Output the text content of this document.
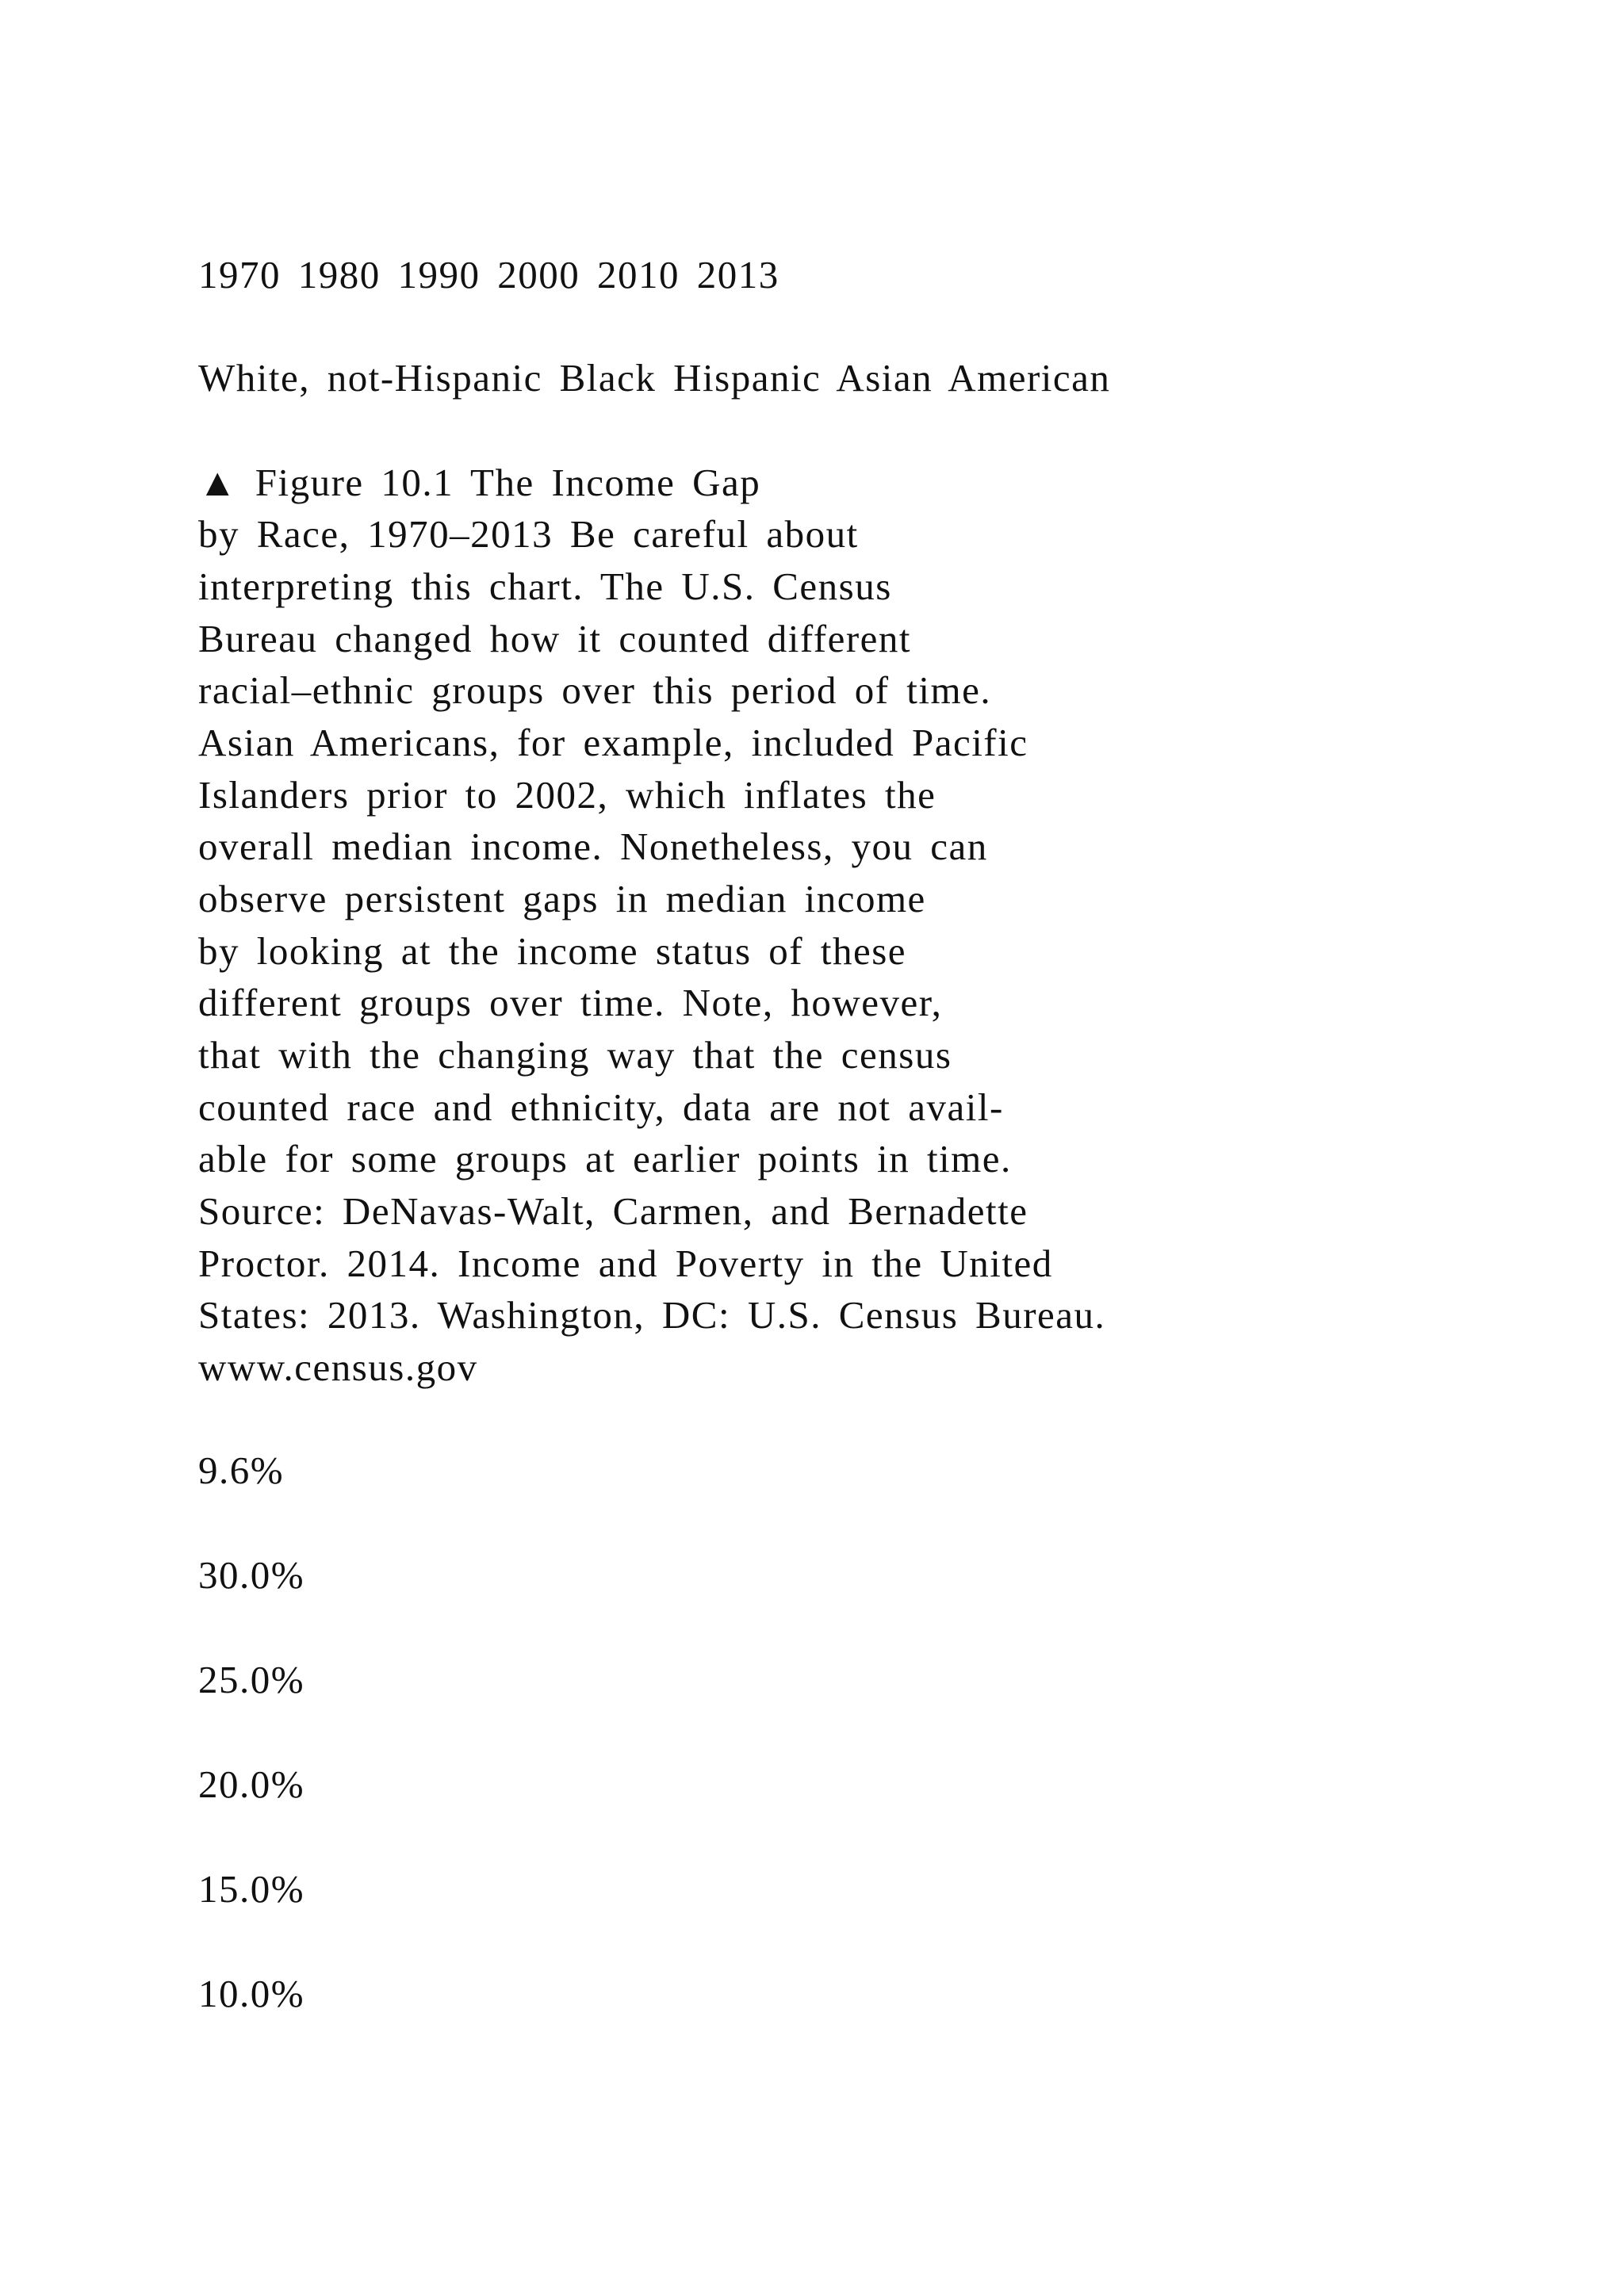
1970 1980 1990 2000 2010 2013

White, not-Hispanic Black Hispanic Asian American

▲ Figure 10.1 The Income Gap

by Race, 1970–2013 Be careful about

interpreting this chart. The U.S. Census

Bureau changed how it counted different

racial–ethnic groups over this period of time.

Asian Americans, for example, included Pacific

Islanders prior to 2002, which inflates the

overall median income. Nonetheless, you can

observe persistent gaps in median income

by looking at the income status of these

different groups over time. Note, however,

that with the changing way that the census

counted race and ethnicity, data are not avail-

able for some groups at earlier points in time.

Source: DeNavas-Walt, Carmen, and Bernadette

Proctor. 2014. Income and Poverty in the United

States: 2013. Washington, DC: U.S. Census Bureau.

www.census.gov

9.6%

30.0%

25.0%

20.0%

15.0%

10.0%
